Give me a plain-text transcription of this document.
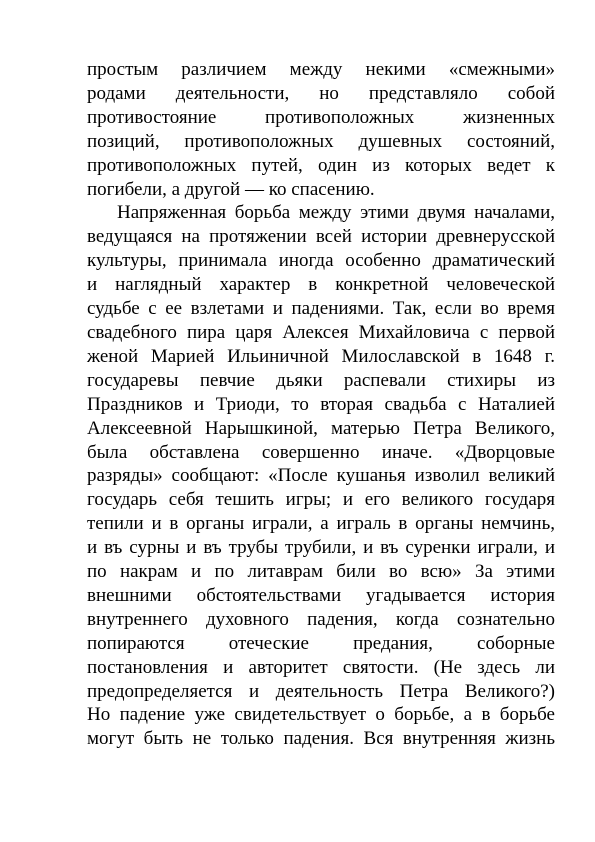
простым различием между некими «смежными»
родами деятельности, но представляло собой
противостояние противоположных жизненных
позиций, противоположных душевных состояний,
противоположных путей, один из которых ведет к
погибели, а другой — ко спасению.
Напряженная борьба между этими двумя началами,
ведущаяся на протяжении всей истории древнерусской
культуры, принимала иногда особенно драматический
и наглядный характер в конкретной человеческой
судьбе с ее взлетами и падениями. Так, если во время
свадебного пира царя Алексея Михайловича с первой
женой Марией Ильиничной Милославской в 1648 г.
государевы певчие дьяки распевали стихиры из
Праздников и Триоди, то вторая свадьба с Наталией
Алексеевной Нарышкиной, матерью Петра Великого,
была обставлена совершенно иначе. «Дворцовые
разряды» сообщают: «После кушанья изволил великий
государь себя тешить игры; и его великого государя
тепили и в органы играли, а играль в органы немчинь,
и въ сурны и въ трубы трубили, и въ суренки играли, и
по накрам и по литаврам били во всю» За этими
внешними обстоятельствами угадывается история
внутреннего духовного падения, когда сознательно
попираются отеческие предания, соборные
постановления и авторитет святости. (Не здесь ли
предопределяется и деятельность Петра Великого?)
Но падение уже свидетельствует о борьбе, а в борьбе
могут быть не только падения. Вся внутренняя жизнь
